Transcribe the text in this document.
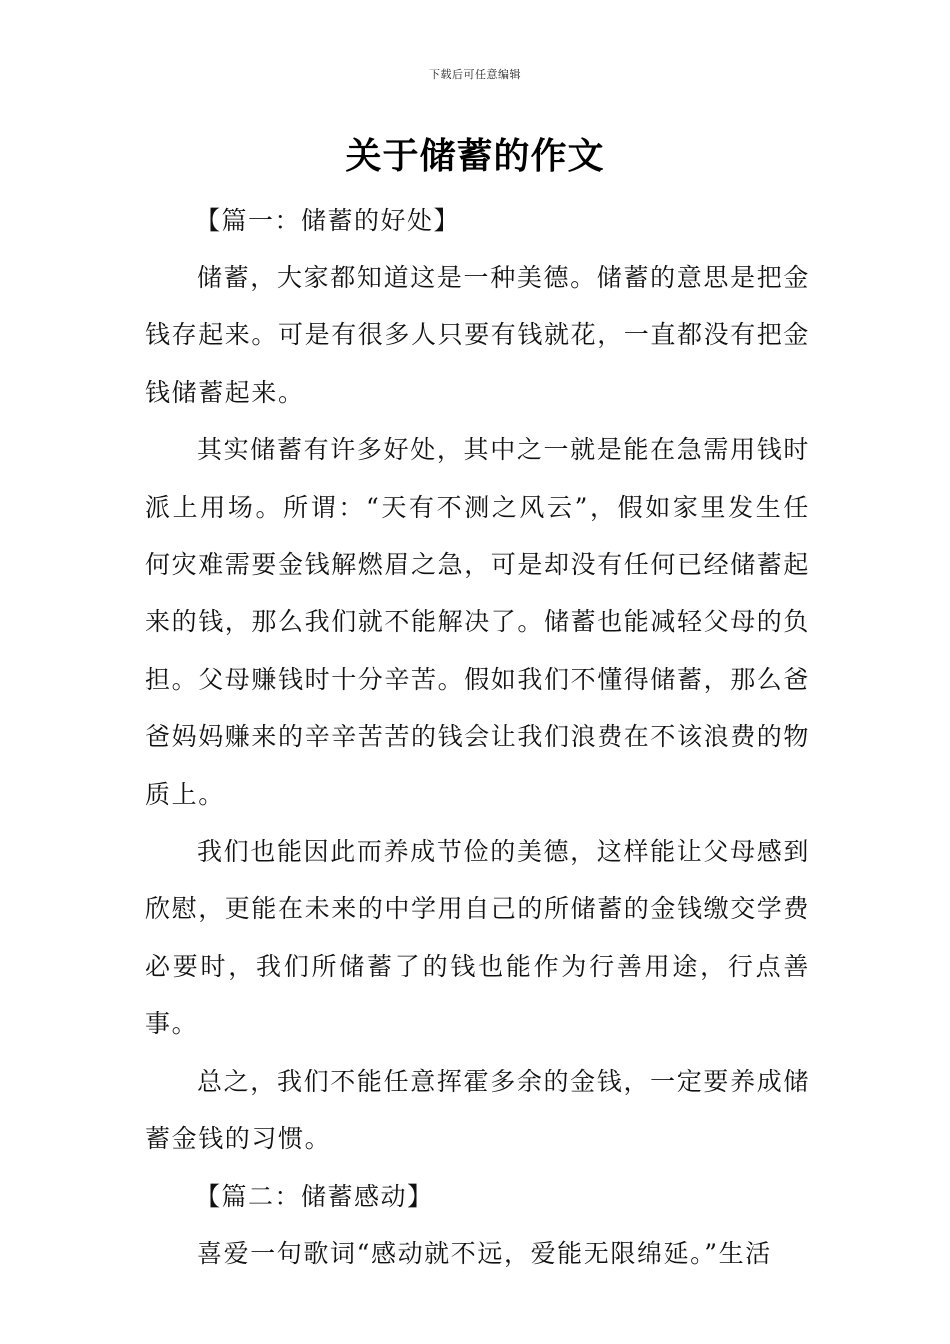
下载后可任意编辑
关于储蓄的作文

【篇一：储蓄的好处】

储蓄，大家都知道这是一种美德。储蓄的意思是把金钱存起来。可是有很多人只要有钱就花，一直都没有把金钱储蓄起来。

其实储蓄有许多好处，其中之一就是能在急需用钱时派上用场。所谓：“天有不测之风云”，假如家里发生任何灾难需要金钱解燃眉之急，可是却没有任何已经储蓄起来的钱，那么我们就不能解决了。储蓄也能减轻父母的负担。父母赚钱时十分辛苦。假如我们不懂得储蓄，那么爸爸妈妈赚来的辛辛苦苦的钱会让我们浪费在不该浪费的物质上。

我们也能因此而养成节俭的美德，这样能让父母感到欣慰，更能在未来的中学用自己的所储蓄的金钱缴交学费必要时，我们所储蓄了的钱也能作为行善用途，行点善事。

总之，我们不能任意挥霍多余的金钱，一定要养成储蓄金钱的习惯。

【篇二：储蓄感动】

喜爱一句歌词“感动就不远，爱能无限绵延。”生活
